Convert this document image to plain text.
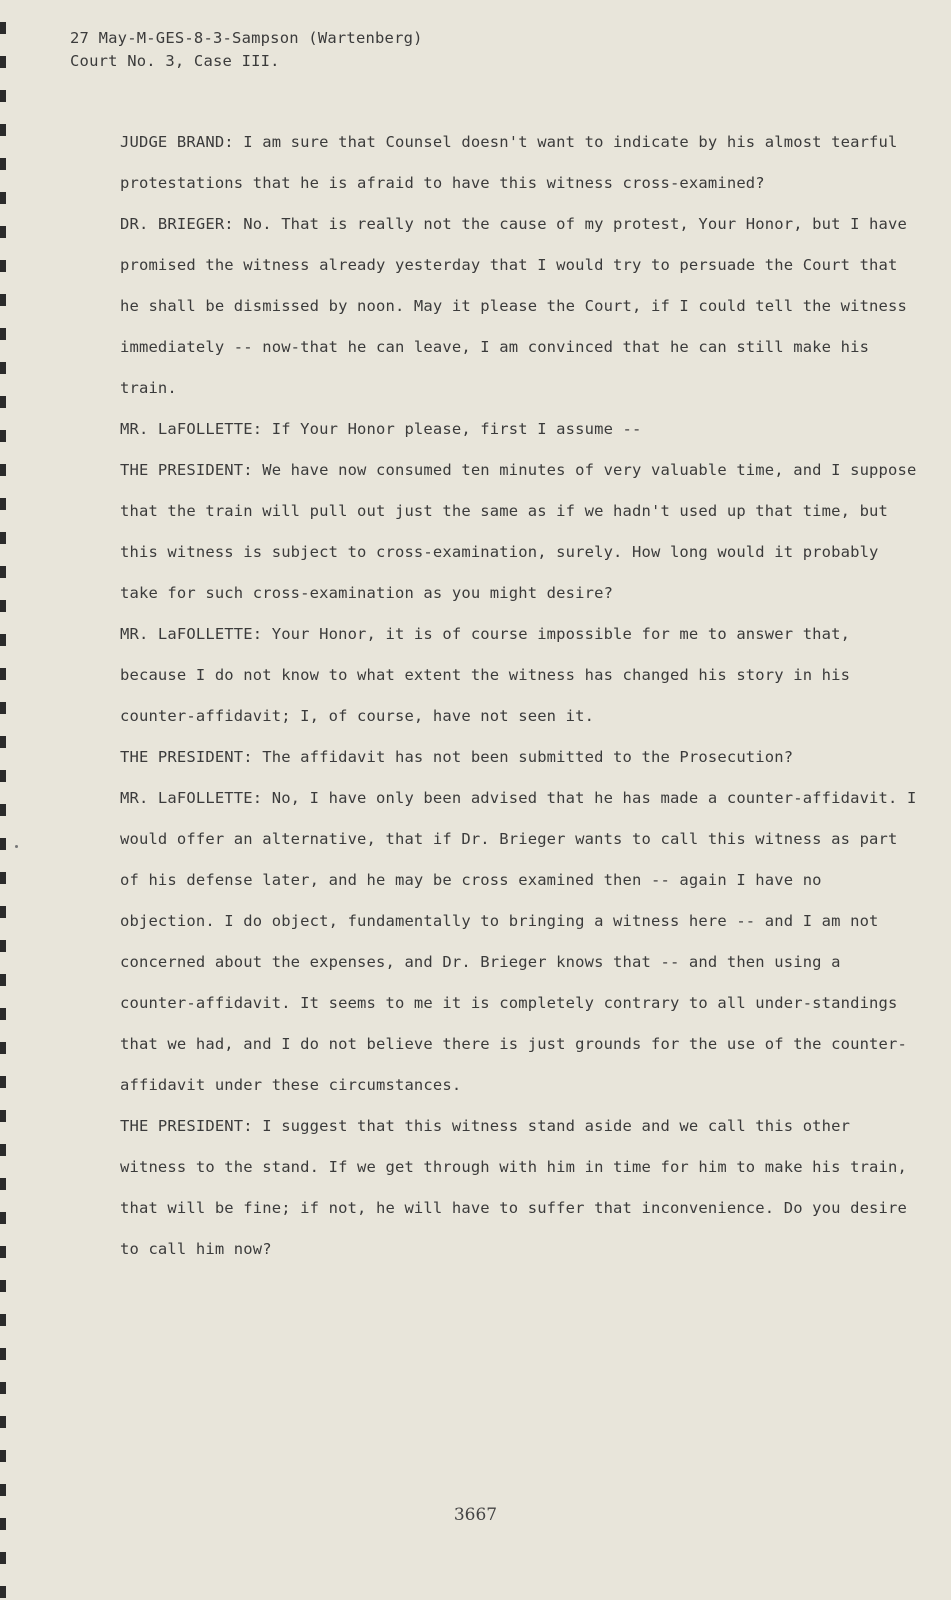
27 May-M-GES-8-3-Sampson (Wartenberg)
Court No. 3, Case III.

JUDGE BRAND: I am sure that Counsel doesn't want to indicate by his almost tearful protestations that he is afraid to have this witness cross-examined?

DR. BRIEGER: No. That is really not the cause of my protest, Your Honor, but I have promised the witness already yesterday that I would try to persuade the Court that he shall be dismissed by noon. May it please the Court, if I could tell the witness immediately -- now-that he can leave, I am convinced that he can still make his train.

MR. LaFOLLETTE: If Your Honor please, first I assume --

THE PRESIDENT: We have now consumed ten minutes of very valuable time, and I suppose that the train will pull out just the same as if we hadn't used up that time, but this witness is subject to cross-examination, surely. How long would it probably take for such cross-examination as you might desire?

MR. LaFOLLETTE: Your Honor, it is of course impossible for me to answer that, because I do not know to what extent the witness has changed his story in his counter-affidavit; I, of course, have not seen it.

THE PRESIDENT: The affidavit has not been submitted to the Prosecution?

MR. LaFOLLETTE: No, I have only been advised that he has made a counter-affidavit. I would offer an alternative, that if Dr. Brieger wants to call this witness as part of his defense later, and he may be cross examined then -- again I have no objection. I do object, fundamentally to bringing a witness here -- and I am not concerned about the expenses, and Dr. Brieger knows that -- and then using a counter-affidavit. It seems to me it is completely contrary to all under-standings that we had, and I do not believe there is just grounds for the use of the counter-affidavit under these circumstances.

THE PRESIDENT: I suggest that this witness stand aside and we call this other witness to the stand. If we get through with him in time for him to make his train, that will be fine; if not, he will have to suffer that inconvenience. Do you desire to call him now?

3667
